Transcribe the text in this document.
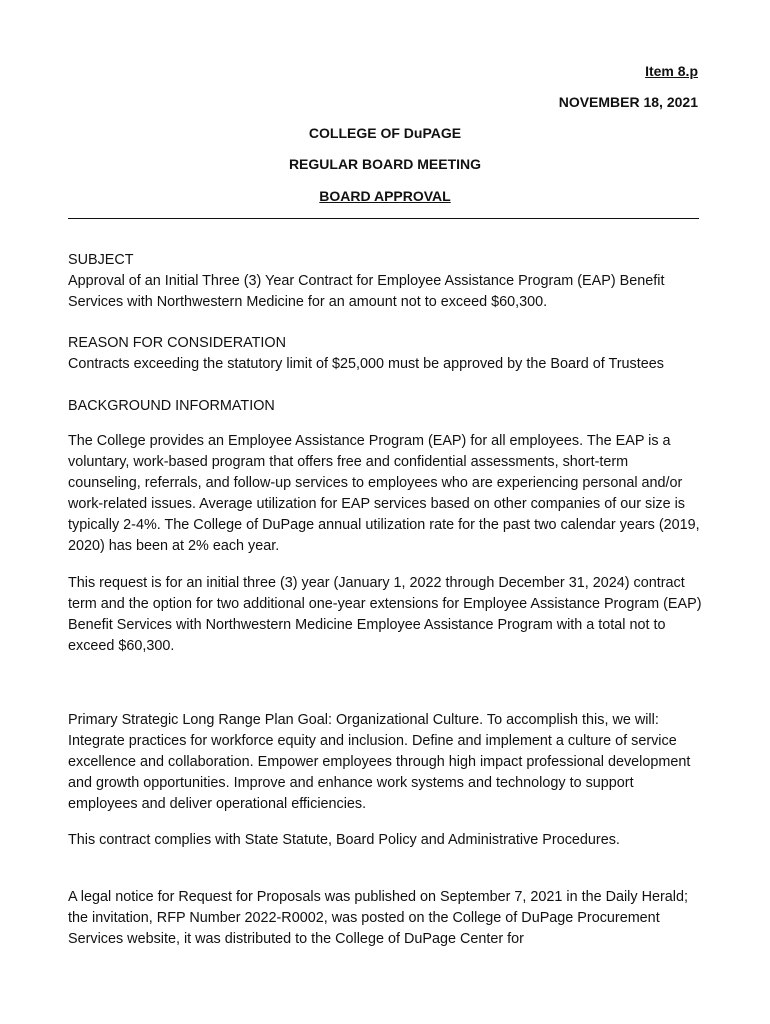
Item 8.p
NOVEMBER 18, 2021
COLLEGE OF DuPAGE
REGULAR BOARD MEETING
BOARD APPROVAL

SUBJECT

Approval of an Initial Three (3) Year Contract for Employee Assistance Program (EAP) Benefit Services with Northwestern Medicine for an amount not to exceed $60,300.

REASON FOR CONSIDERATION

Contracts exceeding the statutory limit of $25,000 must be approved by the Board of Trustees

BACKGROUND INFORMATION
The College provides an Employee Assistance Program (EAP) for all employees. The EAP is a voluntary, work-based program that offers free and confidential assessments, short-term counseling, referrals, and follow-up services to employees who are experiencing personal and/or work-related issues. Average utilization for EAP services based on other companies of our size is typically 2-4%. The College of DuPage annual utilization rate for the past two calendar years (2019, 2020) has been at 2% each year.
This request is for an initial three (3) year (January 1, 2022 through December 31, 2024) contract term and the option for two additional one-year extensions for Employee Assistance Program (EAP) Benefit Services with Northwestern Medicine Employee Assistance Program with a total not to exceed $60,300.
Primary Strategic Long Range Plan Goal: Organizational Culture. To accomplish this, we will: Integrate practices for workforce equity and inclusion. Define and implement a culture of service excellence and collaboration. Empower employees through high impact professional development and growth opportunities. Improve and enhance work systems and technology to support employees and deliver operational efficiencies.
This contract complies with State Statute, Board Policy and Administrative Procedures.
A legal notice for Request for Proposals was published on September 7, 2021 in the Daily Herald; the invitation, RFP Number 2022-R0002, was posted on the College of DuPage Procurement Services website, it was distributed to the College of DuPage Center for
